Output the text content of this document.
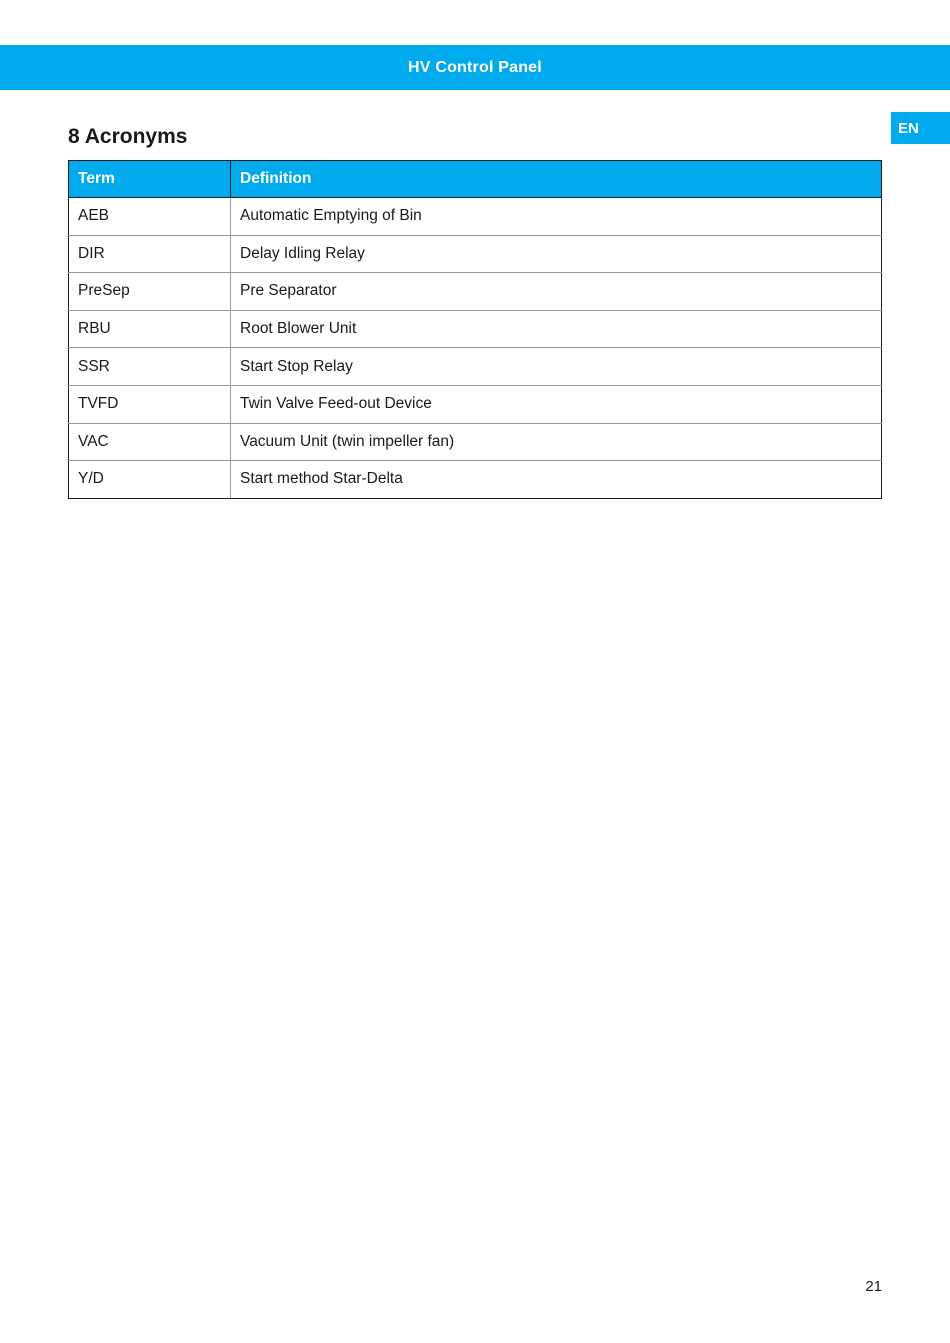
HV Control Panel
EN
8 Acronyms
Term	Definition
AEB	Automatic Emptying of Bin
DIR	Delay Idling Relay
PreSep	Pre Separator
RBU	Root Blower Unit
SSR	Start Stop Relay
TVFD	Twin Valve Feed-out Device
VAC	Vacuum Unit (twin impeller fan)
Y/D	Start method Star-Delta
21
